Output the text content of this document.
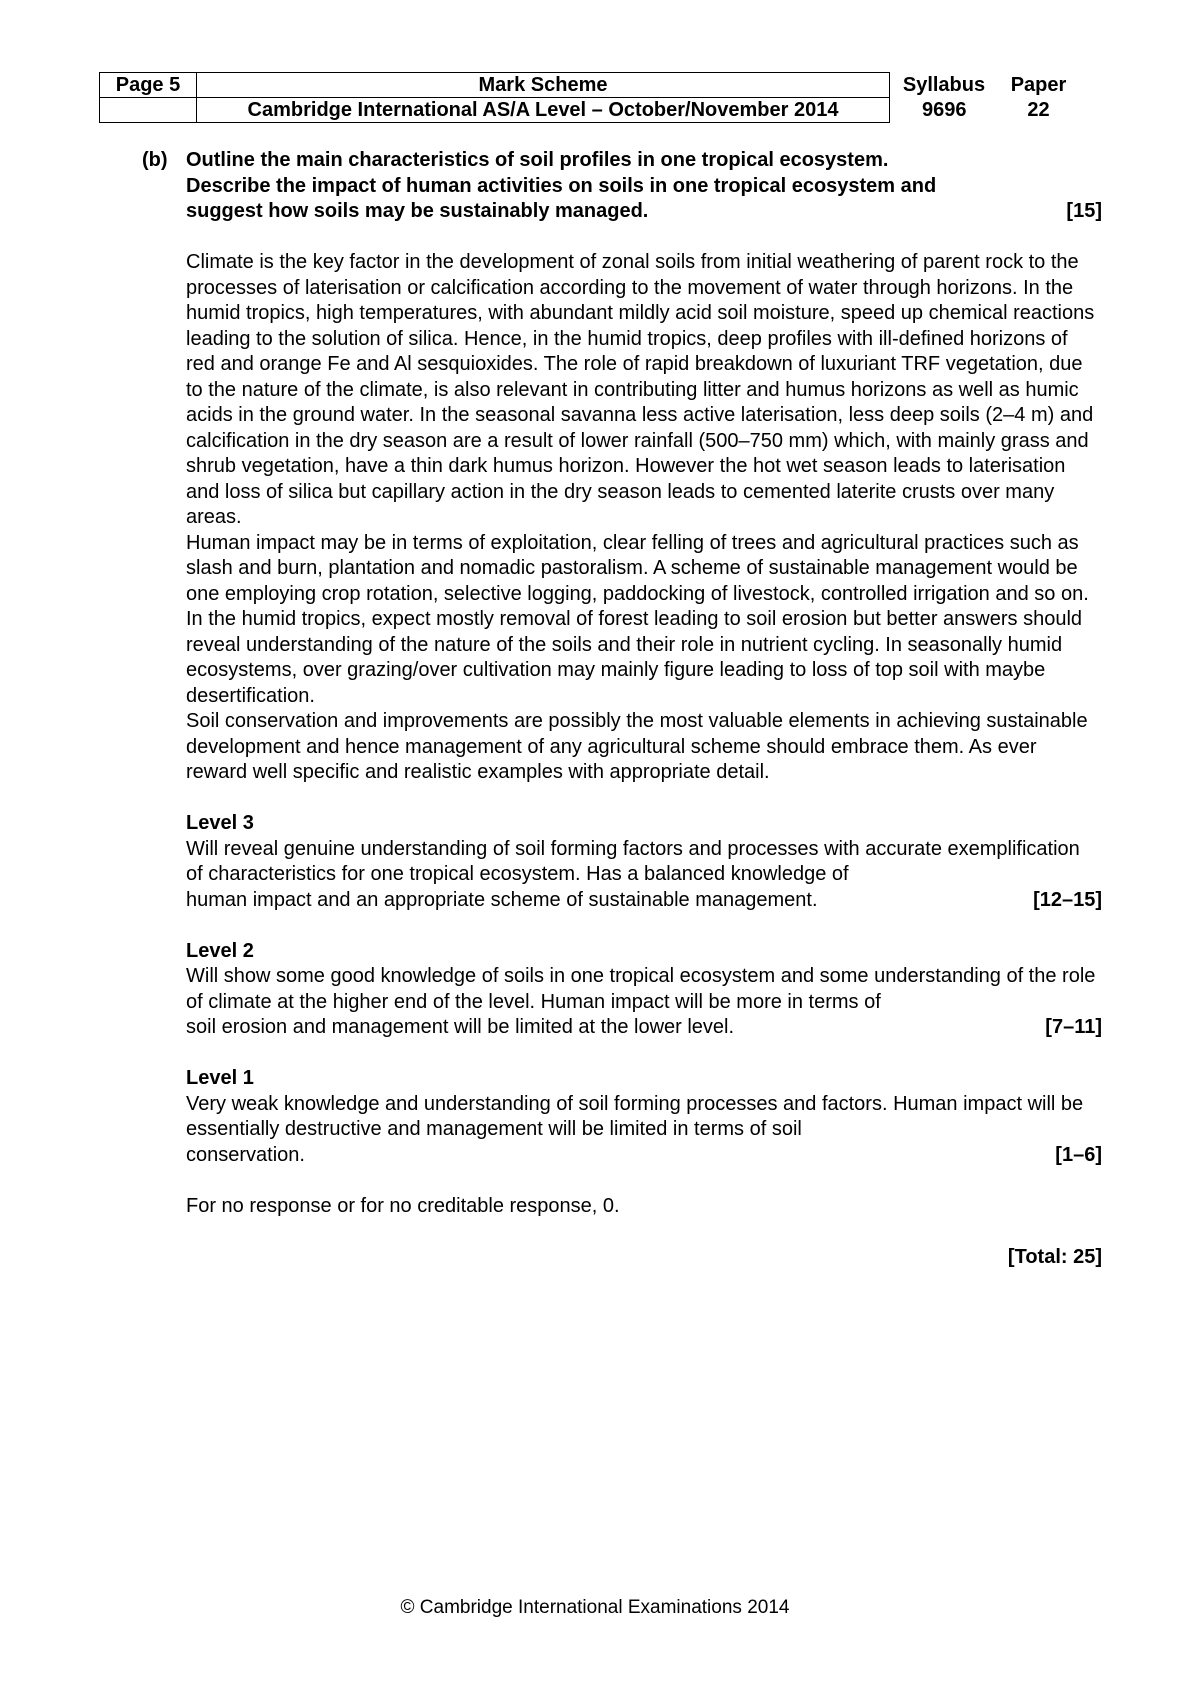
Page 5	Mark Scheme	Syllabus	Paper
	Cambridge International AS/A Level – October/November 2014	9696	22
(b) Outline the main characteristics of soil profiles in one tropical ecosystem.
Describe the impact of human activities on soils in one tropical ecosystem and
suggest how soils may be sustainably managed.	[15]

Climate is the key factor in the development of zonal soils from initial weathering of parent rock to the processes of laterisation or calcification according to the movement of water through horizons. In the humid tropics, high temperatures, with abundant mildly acid soil moisture, speed up chemical reactions leading to the solution of silica. Hence, in the humid tropics, deep profiles with ill-defined horizons of red and orange Fe and Al sesquioxides. The role of rapid breakdown of luxuriant TRF vegetation, due to the nature of the climate, is also relevant in contributing litter and humus horizons as well as humic acids in the ground water. In the seasonal savanna less active laterisation, less deep soils (2–4 m) and calcification in the dry season are a result of lower rainfall (500–750 mm) which, with mainly grass and shrub vegetation, have a thin dark humus horizon. However the hot wet season leads to laterisation and loss of silica but capillary action in the dry season leads to cemented laterite crusts over many areas.

Human impact may be in terms of exploitation, clear felling of trees and agricultural practices such as slash and burn, plantation and nomadic pastoralism. A scheme of sustainable management would be one employing crop rotation, selective logging, paddocking of livestock, controlled irrigation and so on.

In the humid tropics, expect mostly removal of forest leading to soil erosion but better answers should reveal understanding of the nature of the soils and their role in nutrient cycling. In seasonally humid ecosystems, over grazing/over cultivation may mainly figure leading to loss of top soil with maybe desertification.

Soil conservation and improvements are possibly the most valuable elements in achieving sustainable development and hence management of any agricultural scheme should embrace them. As ever reward well specific and realistic examples with appropriate detail.

Level 3

Will reveal genuine understanding of soil forming factors and processes with accurate exemplification of characteristics for one tropical ecosystem. Has a balanced knowledge of

human impact and an appropriate scheme of sustainable management.	[12–15]

Level 2

Will show some good knowledge of soils in one tropical ecosystem and some understanding of the role of climate at the higher end of the level. Human impact will be more in terms of

soil erosion and management will be limited at the lower level.	[7–11]

Level 1

Very weak knowledge and understanding of soil forming processes and factors. Human impact will be essentially destructive and management will be limited in terms of soil

conservation.	[1–6]

For no response or for no creditable response, 0.

[Total: 25]
© Cambridge International Examinations 2014
